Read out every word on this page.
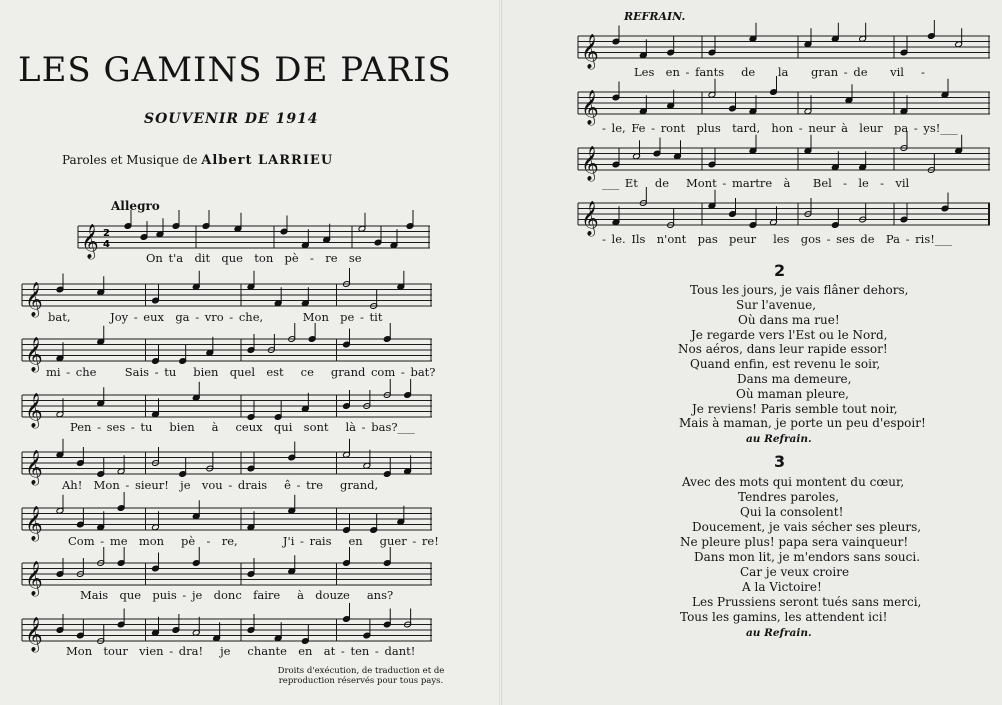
LES GAMINS DE PARIS
SOUVENIR DE 1914
Paroles et Musique de Albert LARRIEU
Allegro
𝄞 2
4
𝄞
𝄞
𝄞
𝄞
𝄞
𝄞
𝄞
On t'a  dit  que  ton  pè  -  re  se
bat,       Joy - eux  ga - vro - che,       Mon  pe - tit
mi - che     Sais - tu   bien  quel  est   ce   grand com - bat?
Pen - ses - tu   bien   à   ceux  qui  sont   là - bas?___
Ah!  Mon - sieur!  je  vou - drais   ê - tre   grand,
Com - me  mon   pè  -  re,        J'i - rais   en   guer - re!
Mais  que  puis - je  donc  faire   à  douze   ans?
Mon  tour  vien - dra!   je   chante  en  at - ten - dant!
Droits d'exécution, de traduction et de
reproduction réservés pour tous pays.
REFRAIN.
𝄞
𝄞
𝄞
𝄞
Les  en - fants   de    la    gran - de    vil   -
- le, Fe - ront  plus  tard,  hon - neur à  leur  pa - ys!___
___ Et   de   Mont - martre  à    Bel  -  le  -  vil
- le. Ils  n'ont  pas  peur   les  gos - ses de  Pa - ris!___
2
Tous les jours, je vais flâner dehors,
Sur l'avenue,
Où dans ma rue!
Je regarde vers l'Est ou le Nord,
Nos aéros, dans leur rapide essor!
Quand enfin, est revenu le soir,
Dans ma demeure,
Où maman pleure,
Je reviens! Paris semble tout noir,
Mais à maman, je porte un peu d'espoir!
au Refrain.
3
Avec des mots qui montent du cœur,
Tendres paroles,
Qui la consolent!
Doucement, je vais sécher ses pleurs,
Ne pleure plus! papa sera vainqueur!
Dans mon lit, je m'endors sans souci.
Car je veux croire
A la Victoire!
Les Prussiens seront tués sans merci,
Tous les gamins, les attendent ici!
au Refrain.
